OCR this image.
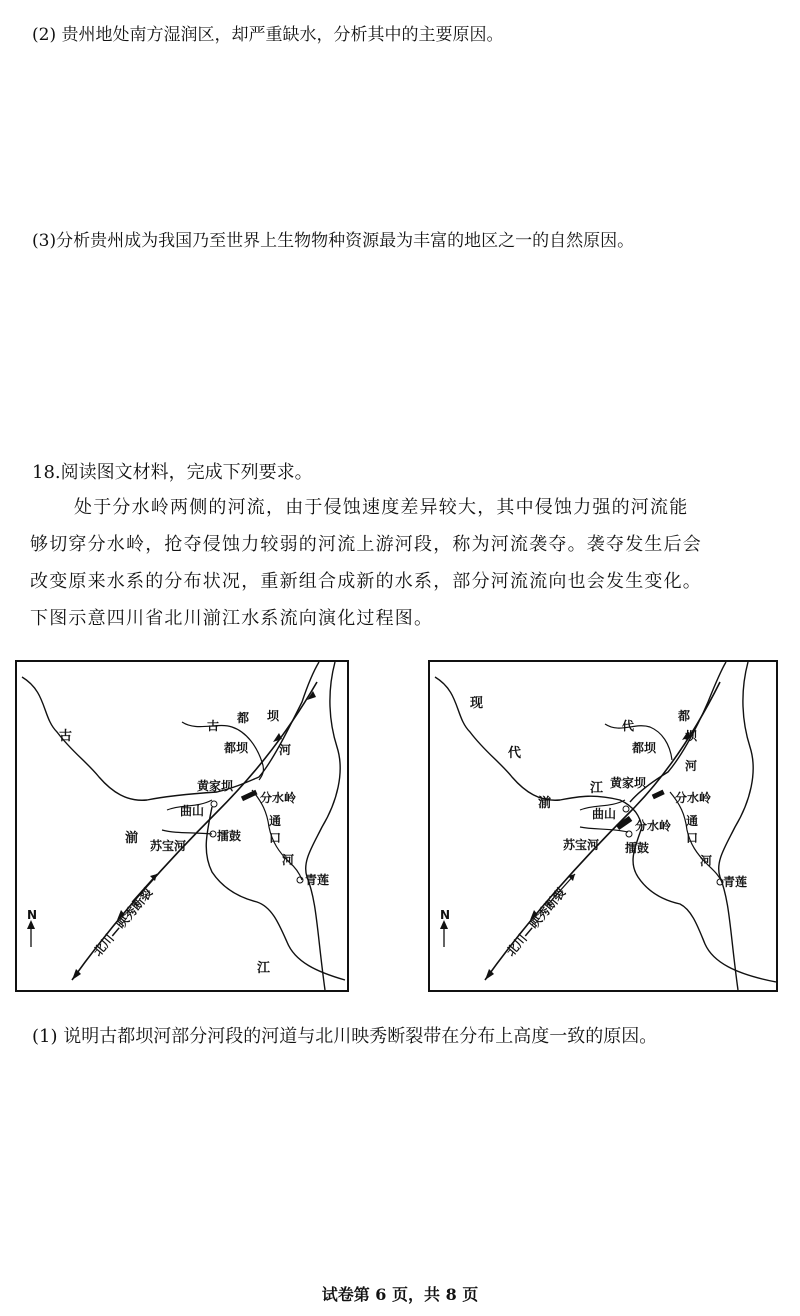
(2) 贵州地处南方湿润区，却严重缺水，分析其中的主要原因。
(3)分析贵州成为我国乃至世界上生物物种资源最为丰富的地区之一的自然原因。
18.阅读图文材料，完成下列要求。
处于分水岭两侧的河流，由于侵蚀速度差异较大，其中侵蚀力强的河流能
够切穿分水岭，抢夺侵蚀力较弱的河流上游河段，称为河流袭夺。袭夺发生后会
改变原来水系的分布状况，重新组合成新的水系，部分河流流向也会发生变化。
下图示意四川省北川湔江水系流向演化过程图。
古
湔
江
古
都 坝
河
都坝
黄家坝
曲山
分水岭
通
口
河
苏宝河
擂鼓
青莲
N	北川—映秀断裂
现
代
湔
江
代
都
坝
河
都坝
黄家坝
曲山
分水岭
分水岭 通
口
河
苏宝河 擂鼓
青莲
N	北川—映秀断裂
(1) 说明古都坝河部分河段的河道与北川映秀断裂带在分布上高度一致的原因。
试卷第 6 页，共 8 页
